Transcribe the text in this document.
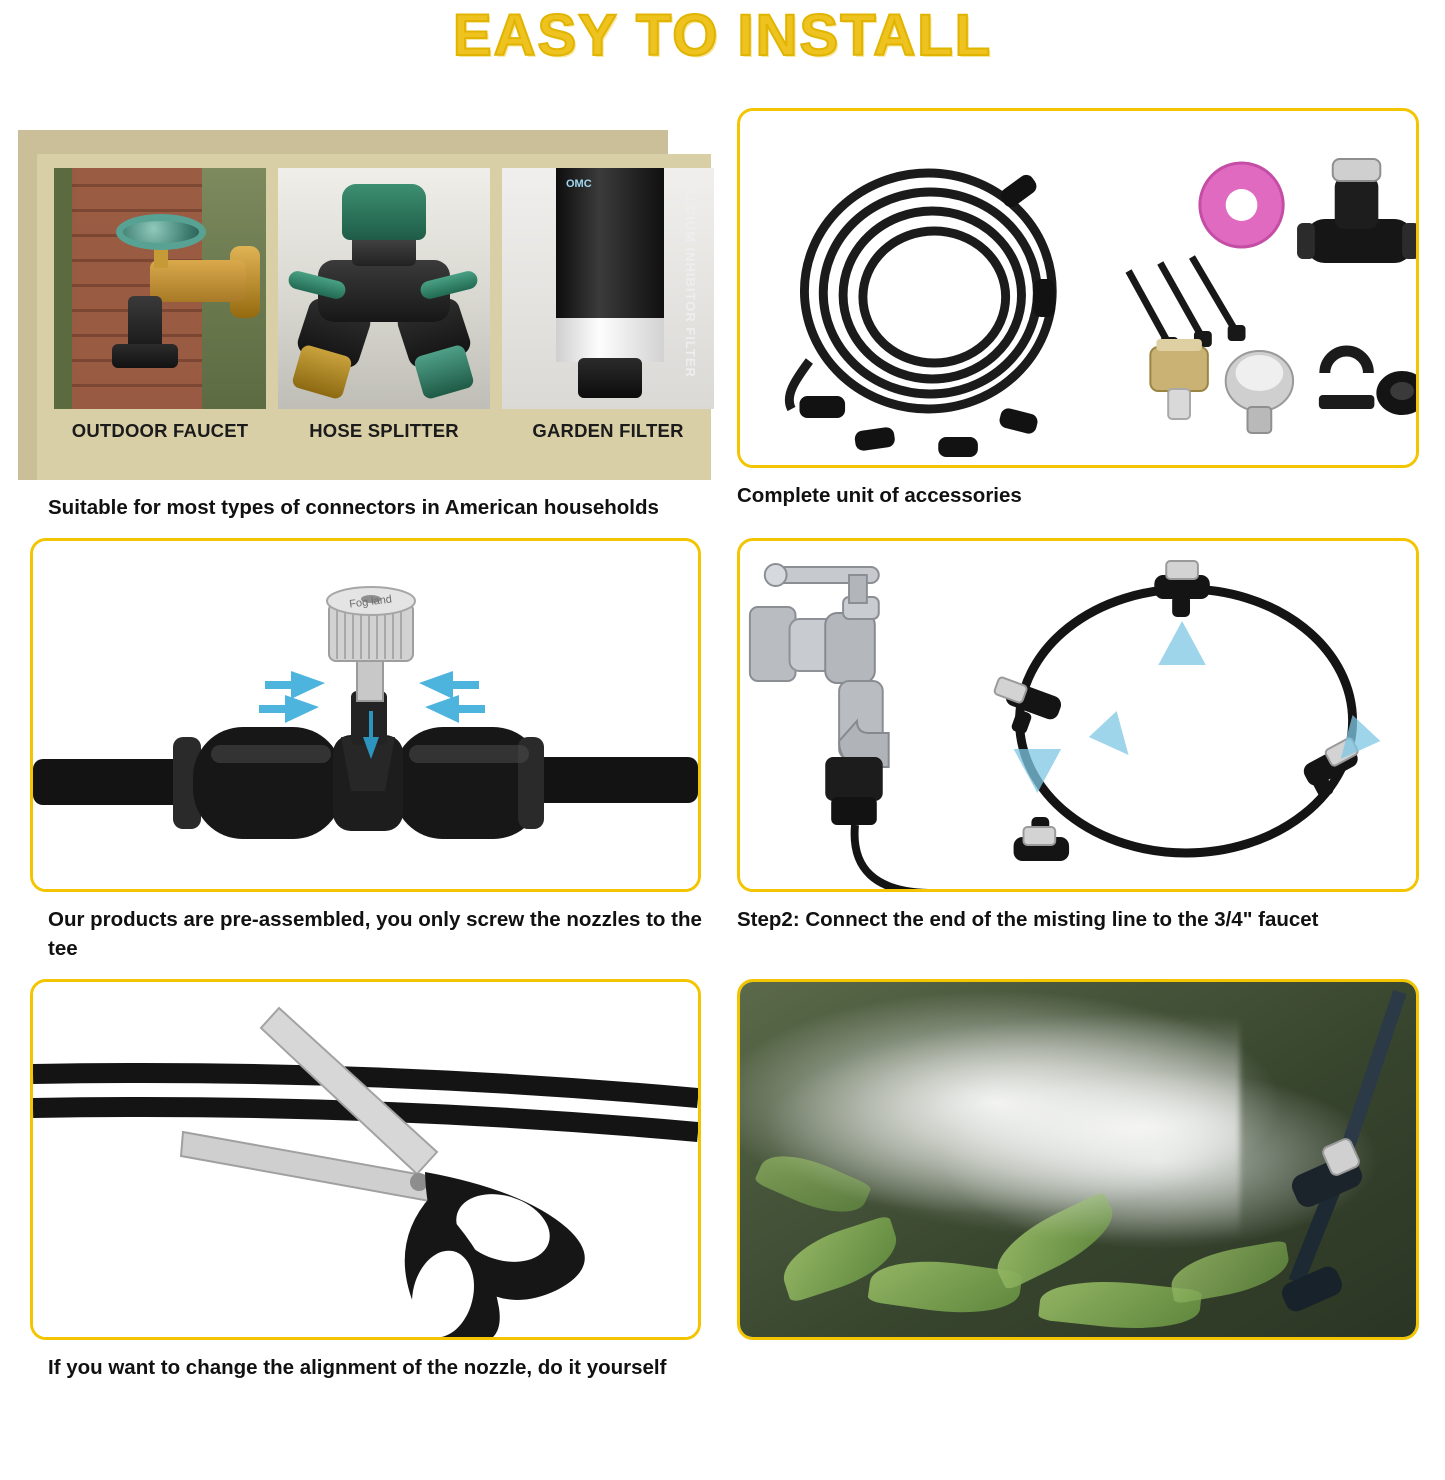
EASY TO INSTALL
OMC	CALCIUM INHIBITOR FILTER
OUTDOOR FAUCET	HOSE SPLITTER	GARDEN FILTER
Suitable for most types of connectors in American households
Complete unit of accessories
Fog land
Our products are pre-assembled, you only screw the nozzles to the tee
Step2: Connect the end of the misting line to the 3/4" faucet
If you want to change the alignment of the nozzle, do it yourself
